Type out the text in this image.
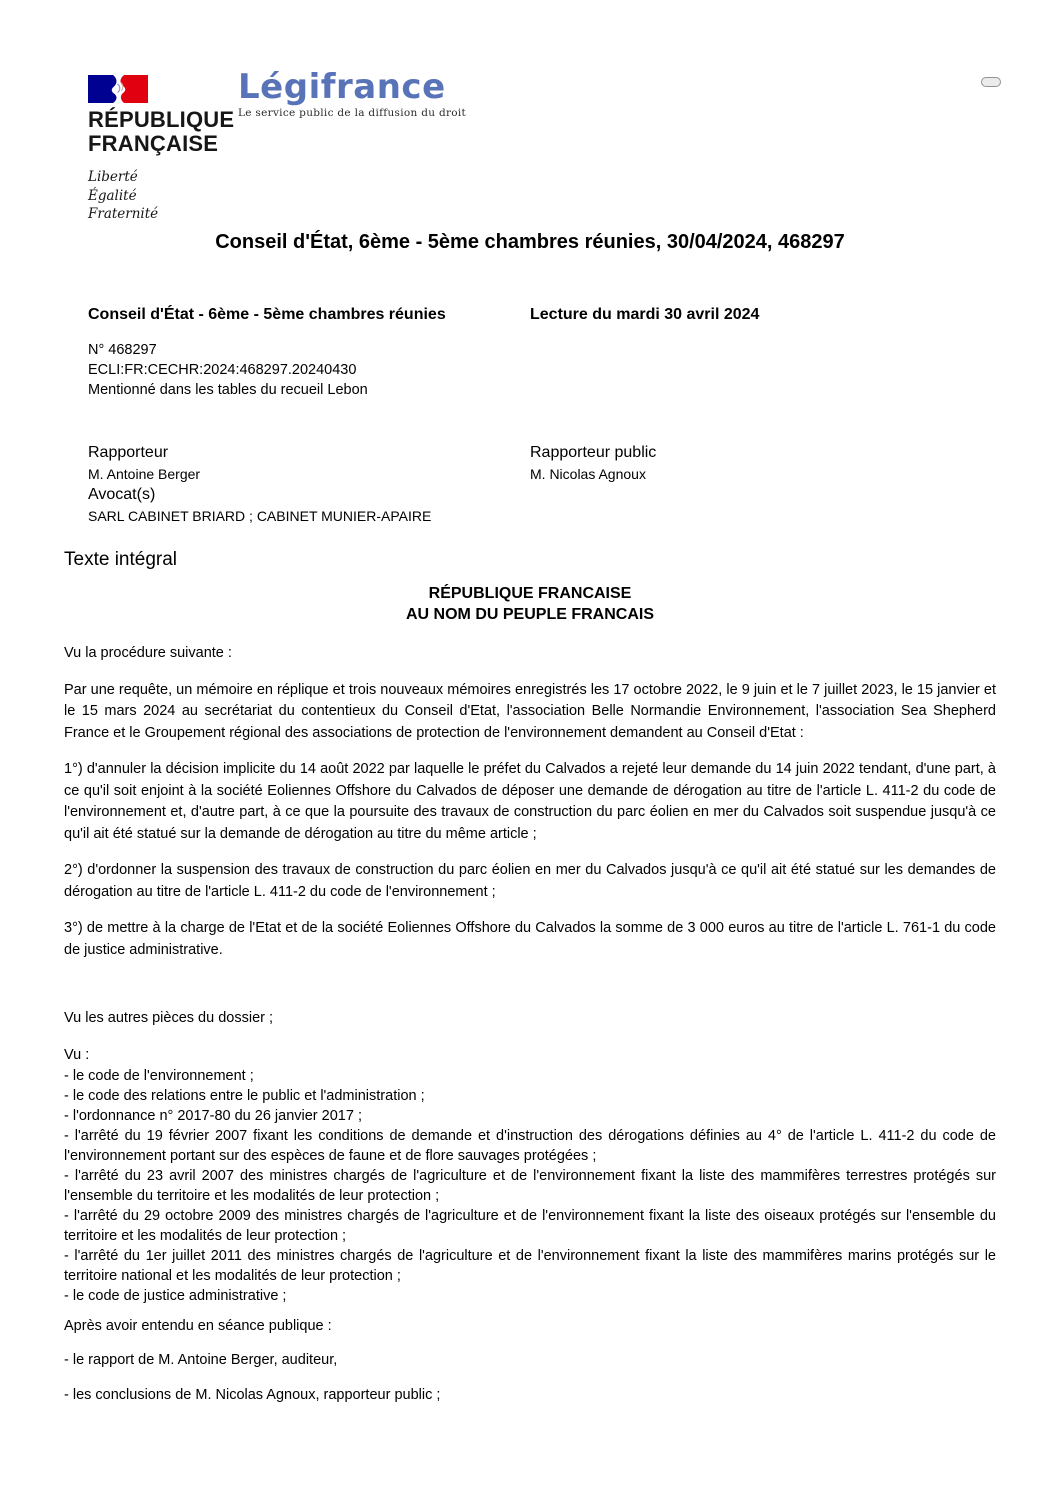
RÉPUBLIQUE
FRANÇAISE
Liberté
Égalité
Fraternité
Légifrance
Le service public de la diffusion du droit
Conseil d'État, 6ème - 5ème chambres réunies, 30/04/2024, 468297
Conseil d'État - 6ème - 5ème chambres réunies	Lecture du mardi 30 avril 2024
N° 468297
ECLI:FR:CECHR:2024:468297.20240430
Mentionné dans les tables du recueil Lebon
Rapporteur
M. Antoine Berger
Rapporteur public
M. Nicolas Agnoux
Avocat(s)
SARL CABINET BRIARD ; CABINET MUNIER-APAIRE
Texte intégral
RÉPUBLIQUE FRANCAISE
AU NOM DU PEUPLE FRANCAIS

Vu la procédure suivante :

Par une requête, un mémoire en réplique et trois nouveaux mémoires enregistrés les 17 octobre 2022, le 9 juin et le 7 juillet 2023, le 15 janvier et le 15 mars 2024 au secrétariat du contentieux du Conseil d'Etat, l'association Belle Normandie Environnement, l'association Sea Shepherd France et le Groupement régional des associations de protection de l'environnement demandent au Conseil d'Etat :

1°) d'annuler la décision implicite du 14 août 2022 par laquelle le préfet du Calvados a rejeté leur demande du 14 juin 2022 tendant, d'une part, à ce qu'il soit enjoint à la société Eoliennes Offshore du Calvados de déposer une demande de dérogation au titre de l'article L. 411-2 du code de l'environnement et, d'autre part, à ce que la poursuite des travaux de construction du parc éolien en mer du Calvados soit suspendue jusqu'à ce qu'il ait été statué sur la demande de dérogation au titre du même article ;

2°) d'ordonner la suspension des travaux de construction du parc éolien en mer du Calvados jusqu'à ce qu'il ait été statué sur les demandes de dérogation au titre de l'article L. 411-2 du code de l'environnement ;

3°) de mettre à la charge de l'Etat et de la société Eoliennes Offshore du Calvados la somme de 3 000 euros au titre de l'article L. 761-1 du code de justice administrative.

Vu les autres pièces du dossier ;

Vu :
- le code de l'environnement ;
- le code des relations entre le public et l'administration ;
- l'ordonnance n° 2017-80 du 26 janvier 2017 ;
- l'arrêté du 19 février 2007 fixant les conditions de demande et d'instruction des dérogations définies au 4° de l'article L. 411-2 du code de l'environnement portant sur des espèces de faune et de flore sauvages protégées ;
- l'arrêté du 23 avril 2007 des ministres chargés de l'agriculture et de l'environnement fixant la liste des mammifères terrestres protégés sur l'ensemble du territoire et les modalités de leur protection ;
- l'arrêté du 29 octobre 2009 des ministres chargés de l'agriculture et de l'environnement fixant la liste des oiseaux protégés sur l'ensemble du territoire et les modalités de leur protection ;
- l'arrêté du 1er juillet 2011 des ministres chargés de l'agriculture et de l'environnement fixant la liste des mammifères marins protégés sur le territoire national et les modalités de leur protection ;
- le code de justice administrative ;

Après avoir entendu en séance publique :

- le rapport de M. Antoine Berger, auditeur,

- les conclusions de M. Nicolas Agnoux, rapporteur public ;
